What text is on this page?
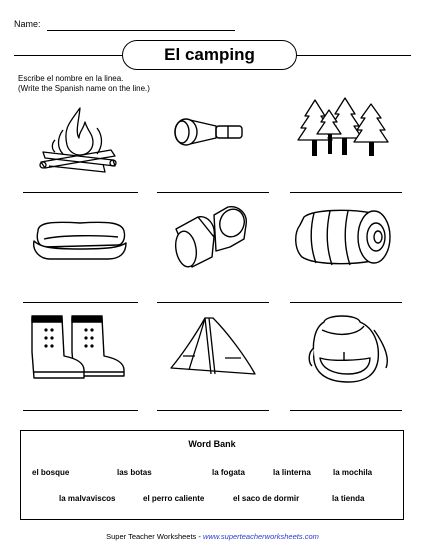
Name:
El camping
Escribe el nombre en la linea.
(Write the Spanish name on the line.)
Word Bank
el bosque	las botas	la fogata	la linterna	la mochila
la malvaviscos	el perro caliente	el saco de dormir	la tienda
Super Teacher Worksheets - www.superteacherworksheets.com
